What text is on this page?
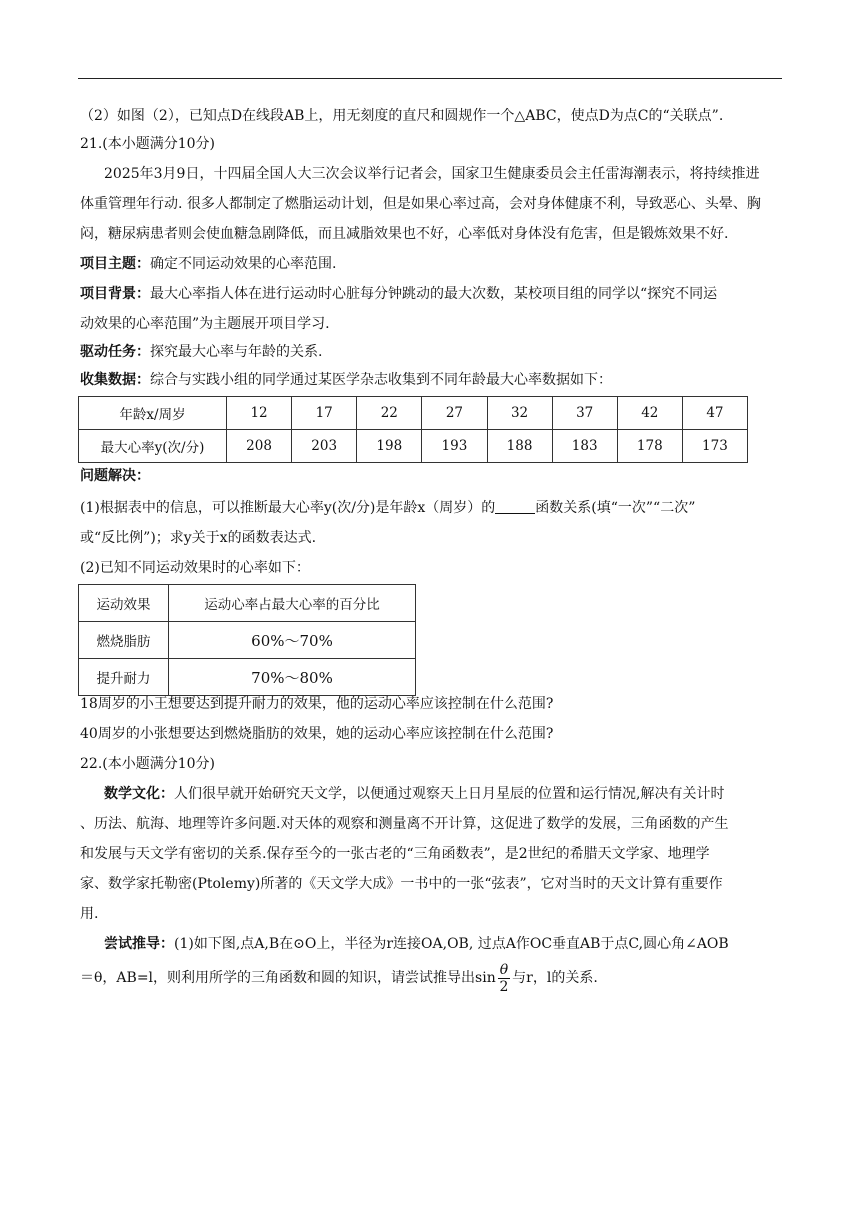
（2）如图（2），已知点D在线段AB上，用无刻度的直尺和圆规作一个△ABC，使点D为点C的“关联点”.
21.(本小题满分10分)
2025年3月9日，十四届全国人大三次会议举行记者会，国家卫生健康委员会主任雷海潮表示，将持续推进
体重管理年行动. 很多人都制定了燃脂运动计划，但是如果心率过高，会对身体健康不利，导致恶心、头晕、胸
闷，糖尿病患者则会使血糖急剧降低，而且减脂效果也不好，心率低对身体没有危害，但是锻炼效果不好.
项目主题：确定不同运动效果的心率范围.
项目背景：最大心率指人体在进行运动时心脏每分钟跳动的最大次数，某校项目组的同学以“探究不同运
动效果的心率范围”为主题展开项目学习.
驱动任务：探究最大心率与年龄的关系.
收集数据：综合与实践小组的同学通过某医学杂志收集到不同年龄最大心率数据如下：
年龄x/周岁	12	17	22	27	32	37	42	47
最大心率y(次/分)	208	203	198	193	188	183	178	173
问题解决：
(1)根据表中的信息，可以推断最大心率y(次/分)是年龄x（周岁）的	函数关系(填“一次”“二次”
或“反比例”)；求y关于x的函数表达式.
(2)已知不同运动效果时的心率如下：
运动效果	运动心率占最大心率的百分比
燃烧脂肪	60%～70%
提升耐力	70%～80%
18周岁的小王想要达到提升耐力的效果，他的运动心率应该控制在什么范围?
40周岁的小张想要达到燃烧脂肪的效果，她的运动心率应该控制在什么范围?
22.(本小题满分10分)
数学文化：人们很早就开始研究天文学，以便通过观察天上日月星辰的位置和运行情况,解决有关计时
、历法、航海、地理等许多问题.对天体的观察和测量离不开计算，这促进了数学的发展，三角函数的产生
和发展与天文学有密切的关系.保存至今的一张古老的“三角函数表”，是2世纪的希腊天文学家、地理学
家、数学家托勒密(Ptolemy)所著的《天文学大成》一书中的一张“弦表”，它对当时的天文计算有重要作
用.
尝试推导：(1)如下图,点A,B在⊙O上，半径为r连接OA,OB, 过点A作OC垂直AB于点C,圆心角∠AOB
＝θ，AB=l，则利用所学的三角函数和圆的知识，请尝试推导出$\sin \frac{\theta}{2}$ 与r，l的关系.
